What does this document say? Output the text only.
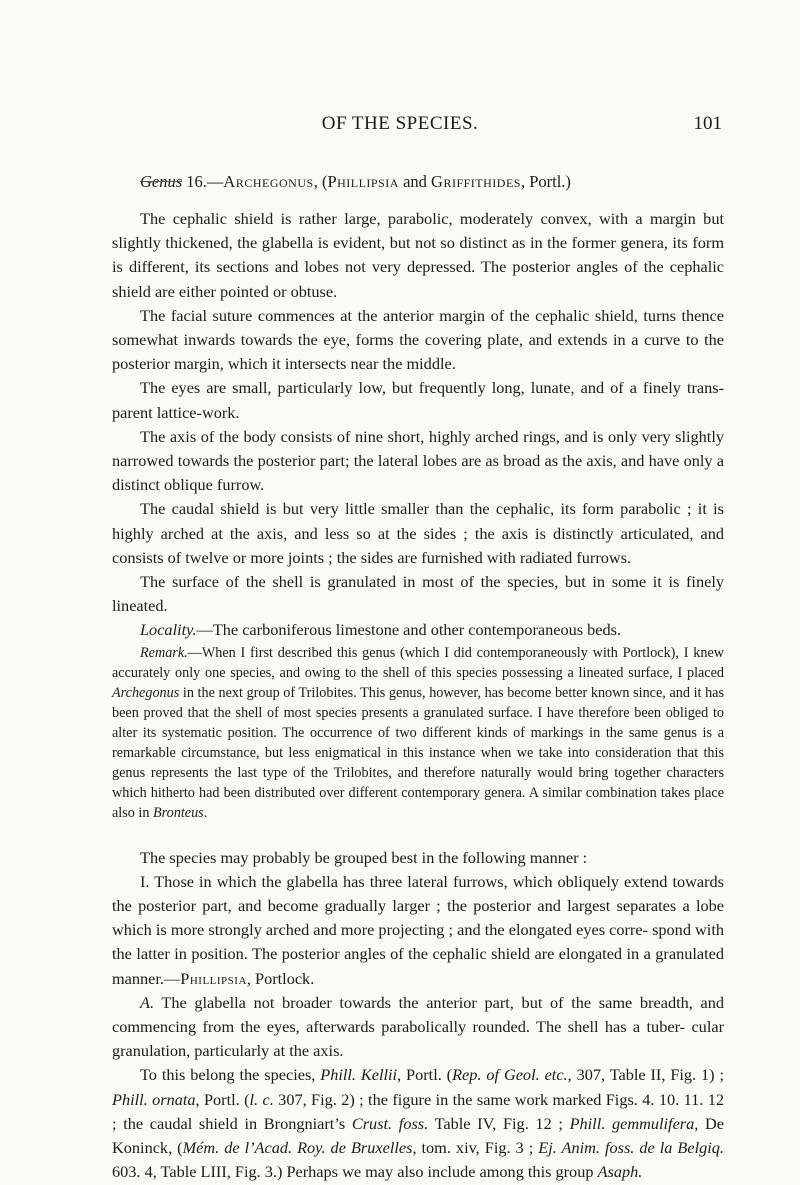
OF THE SPECIES.	101

Genus 16.—Archegonus, (Phillipsia and Griffithides, Portl.)

The cephalic shield is rather large, parabolic, moderately convex, with a margin but slightly thickened, the glabella is evident, but not so distinct as in the former genera, its form is different, its sections and lobes not very depressed. The posterior angles of the cephalic shield are either pointed or obtuse.

The facial suture commences at the anterior margin of the cephalic shield, turns thence somewhat inwards towards the eye, forms the covering plate, and extends in a curve to the posterior margin, which it intersects near the middle.

The eyes are small, particularly low, but frequently long, lunate, and of a finely trans- parent lattice-work.

The axis of the body consists of nine short, highly arched rings, and is only very slightly narrowed towards the posterior part; the lateral lobes are as broad as the axis, and have only a distinct oblique furrow.

The caudal shield is but very little smaller than the cephalic, its form parabolic ; it is highly arched at the axis, and less so at the sides ; the axis is distinctly articulated, and consists of twelve or more joints ; the sides are furnished with radiated furrows.

The surface of the shell is granulated in most of the species, but in some it is finely lineated.

Locality.—The carboniferous limestone and other contemporaneous beds.

Remark.—When I first described this genus (which I did contemporaneously with Portlock), I knew accurately only one species, and owing to the shell of this species possessing a lineated surface, I placed Archegonus in the next group of Trilobites. This genus, however, has become better known since, and it has been proved that the shell of most species presents a granulated surface. I have therefore been obliged to alter its systematic position. The occurrence of two different kinds of markings in the same genus is a remarkable circumstance, but less enigmatical in this instance when we take into consideration that this genus represents the last type of the Trilobites, and therefore naturally would bring together characters which hitherto had been distributed over different contemporary genera. A similar combination takes place also in Bronteus.

The species may probably be grouped best in the following manner :

I. Those in which the glabella has three lateral furrows, which obliquely extend towards the posterior part, and become gradually larger ; the posterior and largest separates a lobe which is more strongly arched and more projecting ; and the elongated eyes corre- spond with the latter in position. The posterior angles of the cephalic shield are elongated in a granulated manner.—Phillipsia, Portlock.

A. The glabella not broader towards the anterior part, but of the same breadth, and commencing from the eyes, afterwards parabolically rounded. The shell has a tuber- cular granulation, particularly at the axis.

To this belong the species, Phill. Kellii, Portl. (Rep. of Geol. etc., 307, Table II, Fig. 1) ; Phill. ornata, Portl. (l. c. 307, Fig. 2) ; the figure in the same work marked Figs. 4. 10. 11. 12 ; the caudal shield in Brongniart’s Crust. foss. Table IV, Fig. 12 ; Phill. gemmulifera, De Koninck, (Mém. de l’Acad. Roy. de Bruxelles, tom. xiv, Fig. 3 ; Ej. Anim. foss. de la Belgiq. 603. 4, Table LIII, Fig. 3.) Perhaps we may also include among this group Asaph.
